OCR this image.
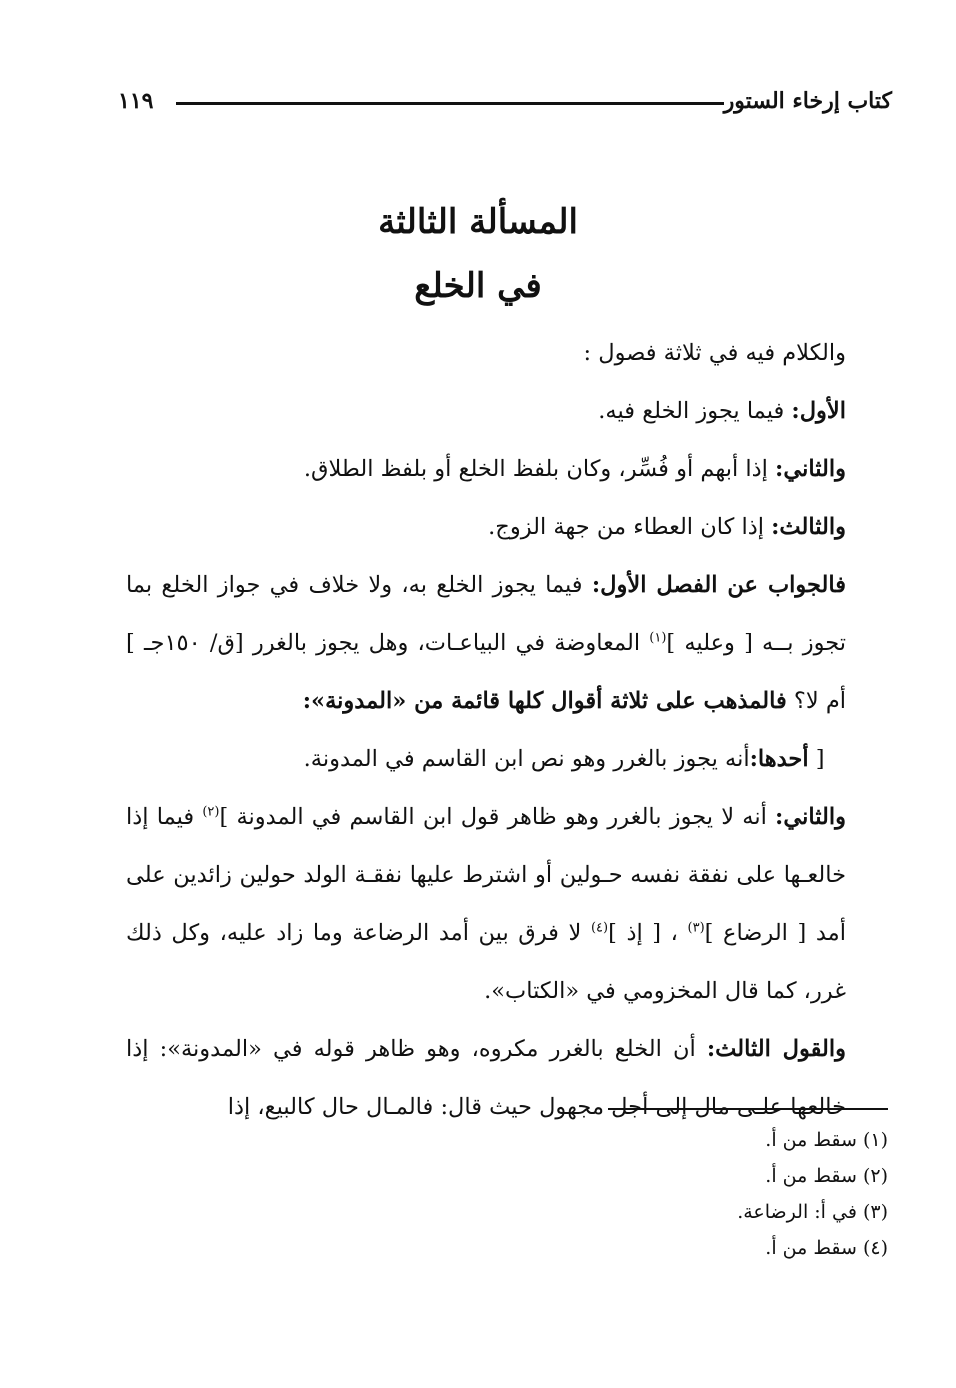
كتاب إرخاء الستور
١١٩
المسألة الثالثة
في الخلع

والكلام فيه في ثلاثة فصول :

الأول: فيما يجوز الخلع فيه.

والثاني: إذا أبهم أو فُسِّر، وكان بلفظ الخلع أو بلفظ الطلاق.

والثالث: إذا كان العطاء من جهة الزوج.

فالجواب عن الفصل الأول: فيما يجوز الخلع به، ولا خلاف في جواز الخلع بما تجوز بــه [ وعليه ]$^{(١)}$ المعاوضة في البياعـات، وهل يجوز بالغرر [ق/ ١٥٠جـ ] أم لا؟ فالمذهب على ثلاثة أقوال كلها قائمة من «المدونة»:

[ أحدها:أنه يجوز بالغرر وهو نص ابن القاسم في المدونة.

والثاني: أنه لا يجوز بالغرر وهو ظاهر قول ابن القاسم في المدونة ]$^{(٢)}$ فيما إذا خالعـها على نفقة نفسه حـولين أو اشترط عليها نفقـة الولد حولين زائدين على أمد [ الرضاع ]$^{(٣)}$ ، [ إذ ]$^{(٤)}$ لا فرق بين أمد الرضاعة وما زاد عليه، وكل ذلك غرر، كما قال المخزومي في «الكتاب».

والقول الثالث: أن الخلع بالغرر مكروه، وهو ظاهر قوله في «المدونة»: إذا خالعها علـى مال إلى أجل مجهول حيث قال: فالمـال حال كالبيع، إذا

(١) سقط من أ.

(٢) سقط من أ.

(٣) في أ: الرضاعة.

(٤) سقط من أ.
